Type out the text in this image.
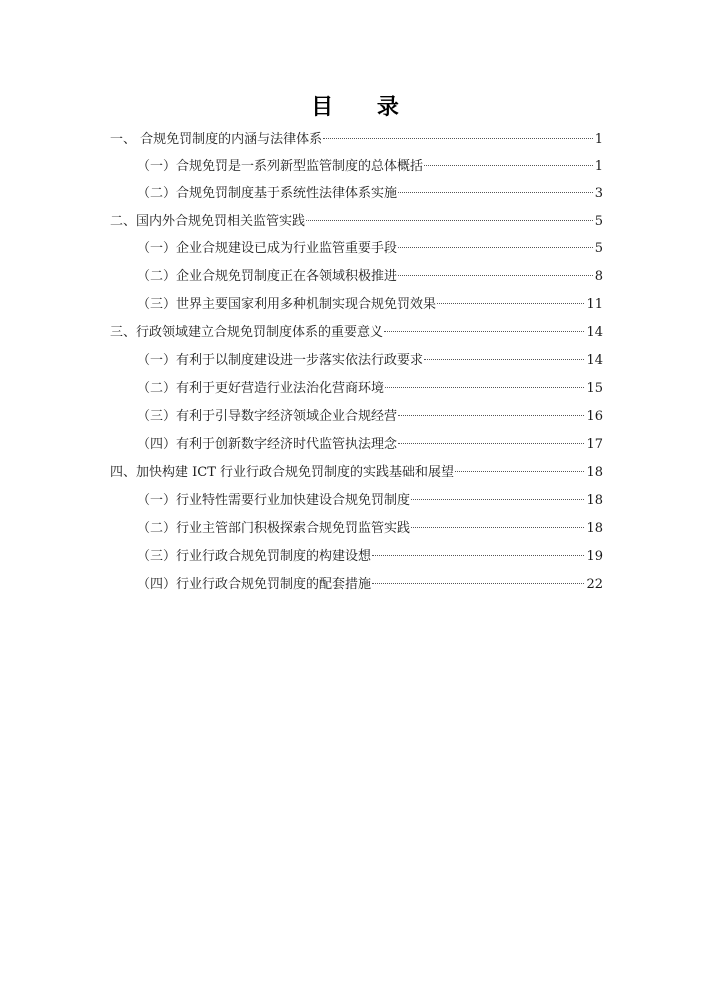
目 录
一、 合规免罚制度的内涵与法律体系	1
（一）合规免罚是一系列新型监管制度的总体概括	1
（二）合规免罚制度基于系统性法律体系实施	3
二、国内外合规免罚相关监管实践	5
（一）企业合规建设已成为行业监管重要手段	5
（二）企业合规免罚制度正在各领域积极推进	8
（三）世界主要国家利用多种机制实现合规免罚效果	11
三、行政领域建立合规免罚制度体系的重要意义	14
（一）有利于以制度建设进一步落实依法行政要求	14
（二）有利于更好营造行业法治化营商环境	15
（三）有利于引导数字经济领域企业合规经营	16
（四）有利于创新数字经济时代监管执法理念	17
四、加快构建 ICT 行业行政合规免罚制度的实践基础和展望	18
（一）行业特性需要行业加快建设合规免罚制度	18
（二）行业主管部门积极探索合规免罚监管实践	18
（三）行业行政合规免罚制度的构建设想	19
（四）行业行政合规免罚制度的配套措施	22
